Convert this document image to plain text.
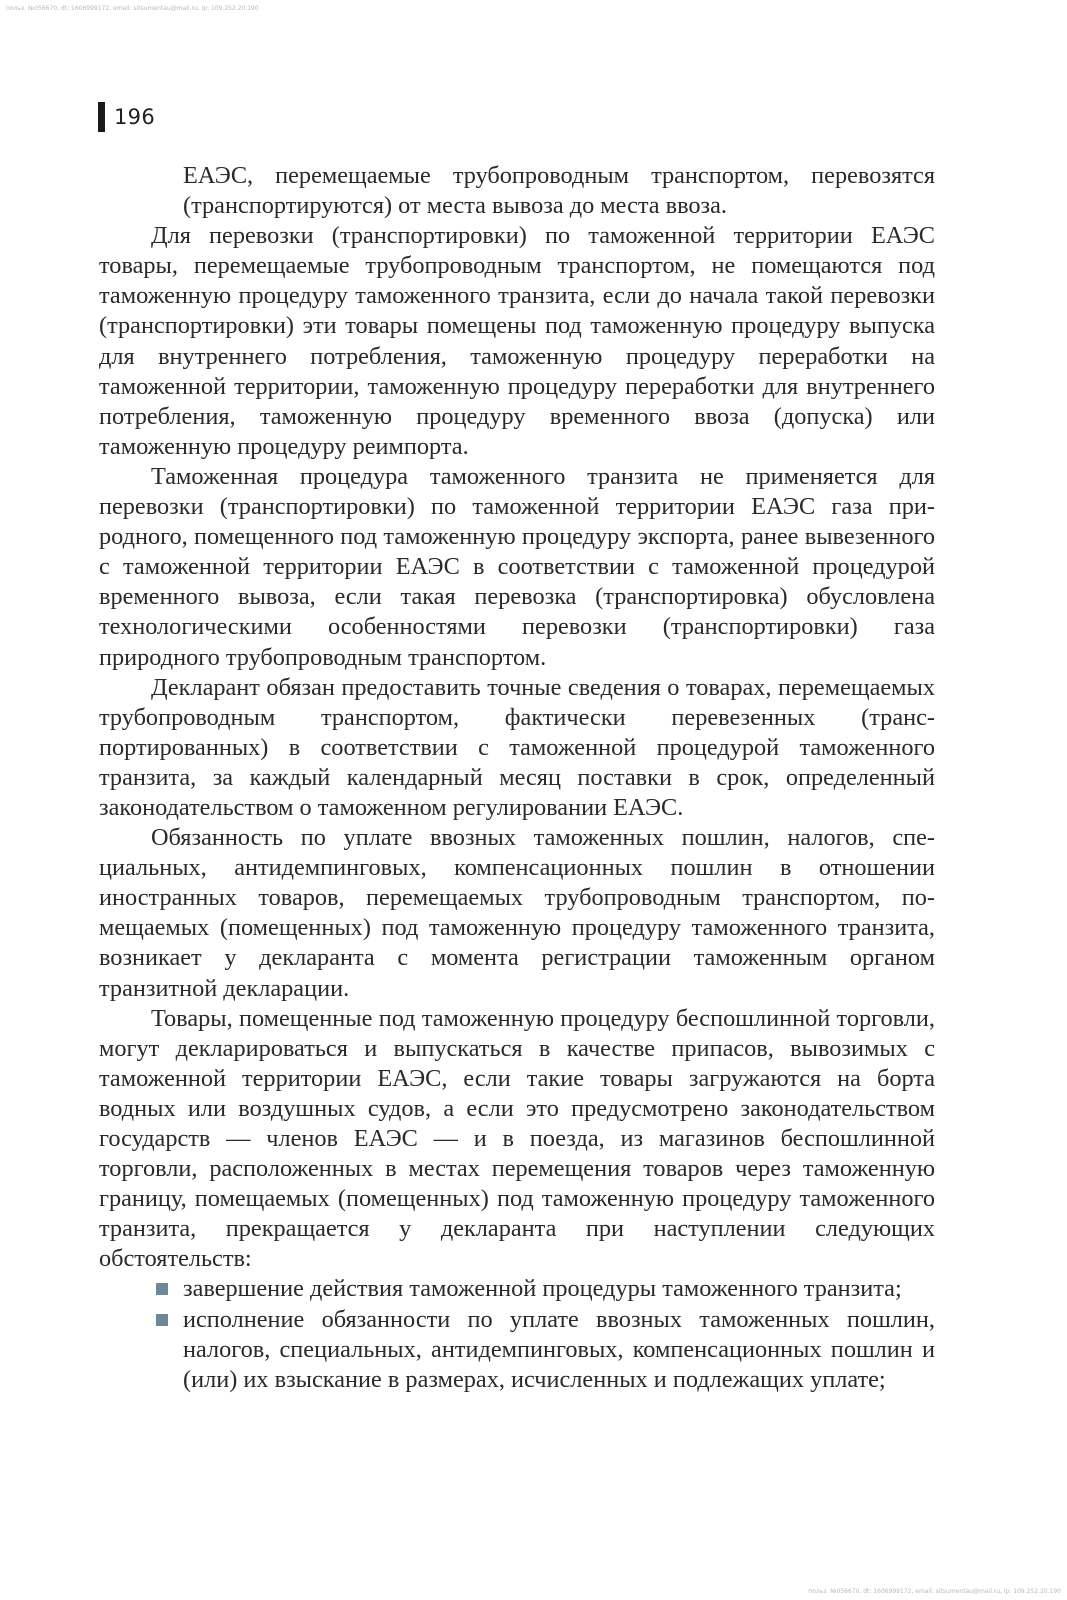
польз. №056670, dt: 1606999172, email: sitsumentau@mail.ru, ip: 109.252.20.190
196

ЕАЭС, перемещаемые трубопроводным транспортом, перевозятся (транспортируются) от места вывоза до места ввоза.

Для перевозки (транспортировки) по таможенной территории ЕАЭС товары, перемещаемые трубопроводным транспортом, не помещаются под таможенную процедуру таможенного транзита, если до начала такой перевозки (транспортировки) эти товары помещены под таможенную процедуру выпуска для внутреннего потребления, таможенную процедуру переработки на таможенной территории, таможенную процедуру переработки для внутреннего потребления, таможенную процедуру временного ввоза (допуска) или таможенную процедуру реимпорта.

Таможенная процедура таможенного транзита не применяется для перевозки (транспортировки) по таможенной территории ЕАЭС газа природного, помещенного под таможенную процедуру экспорта, ранее вывезенного с таможенной территории ЕАЭС в соответствии с таможенной процедурой временного вывоза, если такая перевозка (транспортировка) обусловлена технологическими особенностями перевозки (транспортировки) газа природного трубопроводным транспортом.

Декларант обязан предоставить точные сведения о товарах, перемещаемых трубопроводным транспортом, фактически перевезенных (транспортированных) в соответствии с таможенной процедурой таможенного транзита, за каждый календарный месяц поставки в срок, определенный законодательством о таможенном регулировании ЕАЭС.

Обязанность по уплате ввозных таможенных пошлин, налогов, специальных, антидемпинговых, компенсационных пошлин в отношении иностранных товаров, перемещаемых трубопроводным транспортом, помещаемых (помещенных) под таможенную процедуру таможенного транзита, возникает у декларанта с момента регистрации таможенным органом транзитной декларации.

Товары, помещенные под таможенную процедуру беспошлинной торговли, могут декларироваться и выпускаться в качестве припасов, вывозимых с таможенной территории ЕАЭС, если такие товары загружаются на борта водных или воздушных судов, а если это предусмотрено законодательством государств — членов ЕАЭС — и в поезда, из магазинов беспошлинной торговли, расположенных в местах перемещения товаров через таможенную границу, помещаемых (помещенных) под таможенную процедуру таможенного транзита, прекращается у декларанта при наступлении следующих обстоятельств:

завершение действия таможенной процедуры таможенного транзита;
исполнение обязанности по уплате ввозных таможенных пошлин, налогов, специальных, антидемпинговых, компенсационных пошлин и (или) их взыскание в размерах, исчисленных и подлежащих уплате;
польз. №056670, dt: 1606999172, email: sitsumentau@mail.ru, ip: 109.252.20.190
